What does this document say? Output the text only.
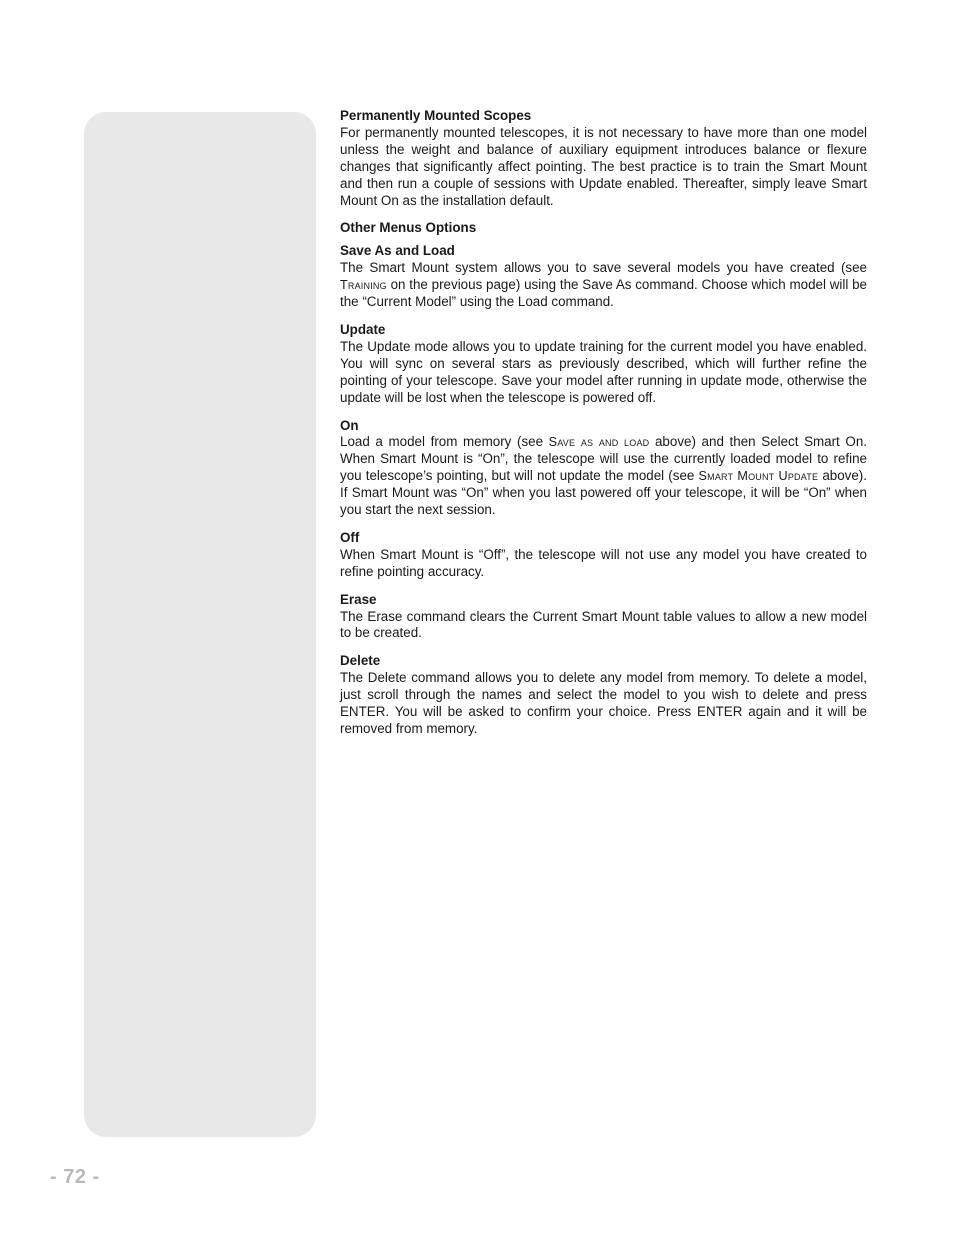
Permanently Mounted Scopes

For permanently mounted telescopes, it is not necessary to have more than one model unless the weight and balance of auxiliary equipment introduces balance or flexure changes that significantly affect pointing. The best practice is to train the Smart Mount and then run a couple of sessions with Update enabled. Thereafter, simply leave Smart Mount On as the installation default.

Other Menus Options

Save As and Load

The Smart Mount system allows you to save several models you have created (see Training on the previous page) using the Save As command. Choose which model will be the “Current Model” using the Load command.

Update

The Update mode allows you to update training for the current model you have enabled. You will sync on several stars as previously described, which will further refine the pointing of your telescope. Save your model after running in update mode, otherwise the update will be lost when the telescope is powered off.

On

Load a model from memory (see Save as and load above) and then Select Smart On. When Smart Mount is “On”, the telescope will use the currently loaded model to refine you telescope’s pointing, but will not update the model (see Smart Mount Update above). If Smart Mount was “On” when you last powered off your telescope, it will be “On” when you start the next session.

Off

When Smart Mount is “Off”, the telescope will not use any model you have created to refine pointing accuracy.

Erase

The Erase command clears the Current Smart Mount table values to allow a new model to be created.

Delete

The Delete command allows you to delete any model from memory. To delete a model, just scroll through the names and select the model to you wish to delete and press ENTER. You will be asked to confirm your choice. Press ENTER again and it will be removed from memory.

- 72 -
